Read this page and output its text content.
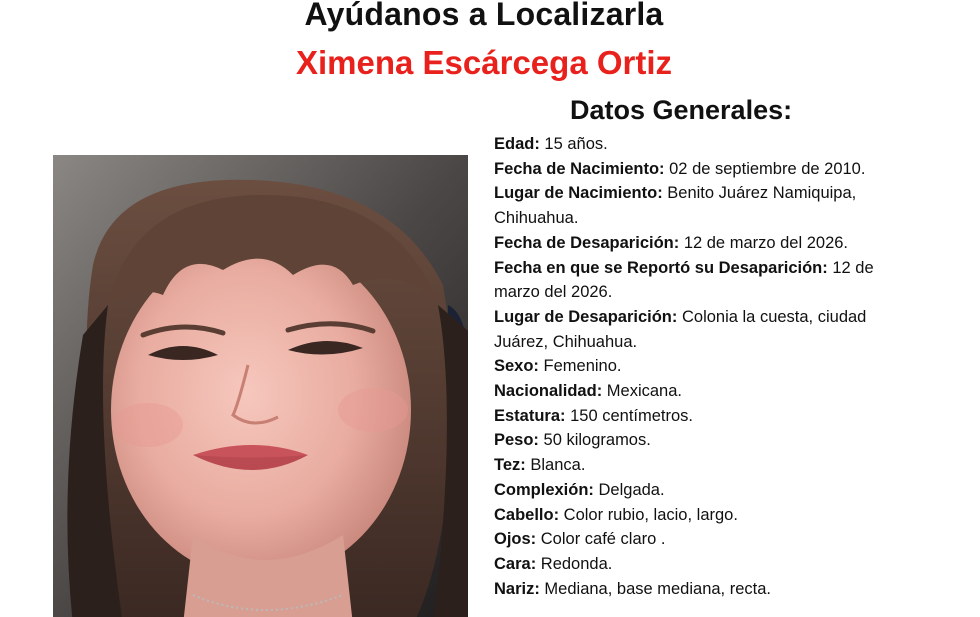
Ayúdanos a Localizarla
Ximena Escárcega Ortiz
Datos Generales:

Edad: 15 años.

Fecha de Nacimiento: 02 de septiembre de 2010.

Lugar de Nacimiento: Benito Juárez Namiquipa, Chihuahua.

Fecha de Desaparición: 12 de marzo del 2026.

Fecha en que se Reportó su Desaparición: 12 de marzo del 2026.

Lugar de Desaparición: Colonia la cuesta, ciudad Juárez, Chihuahua.

Sexo: Femenino.

Nacionalidad: Mexicana.

Estatura: 150 centímetros.

Peso: 50 kilogramos.

Tez: Blanca.

Complexión: Delgada.

Cabello: Color rubio, lacio, largo.

Ojos: Color café claro .

Cara: Redonda.

Nariz: Mediana, base mediana, recta.
